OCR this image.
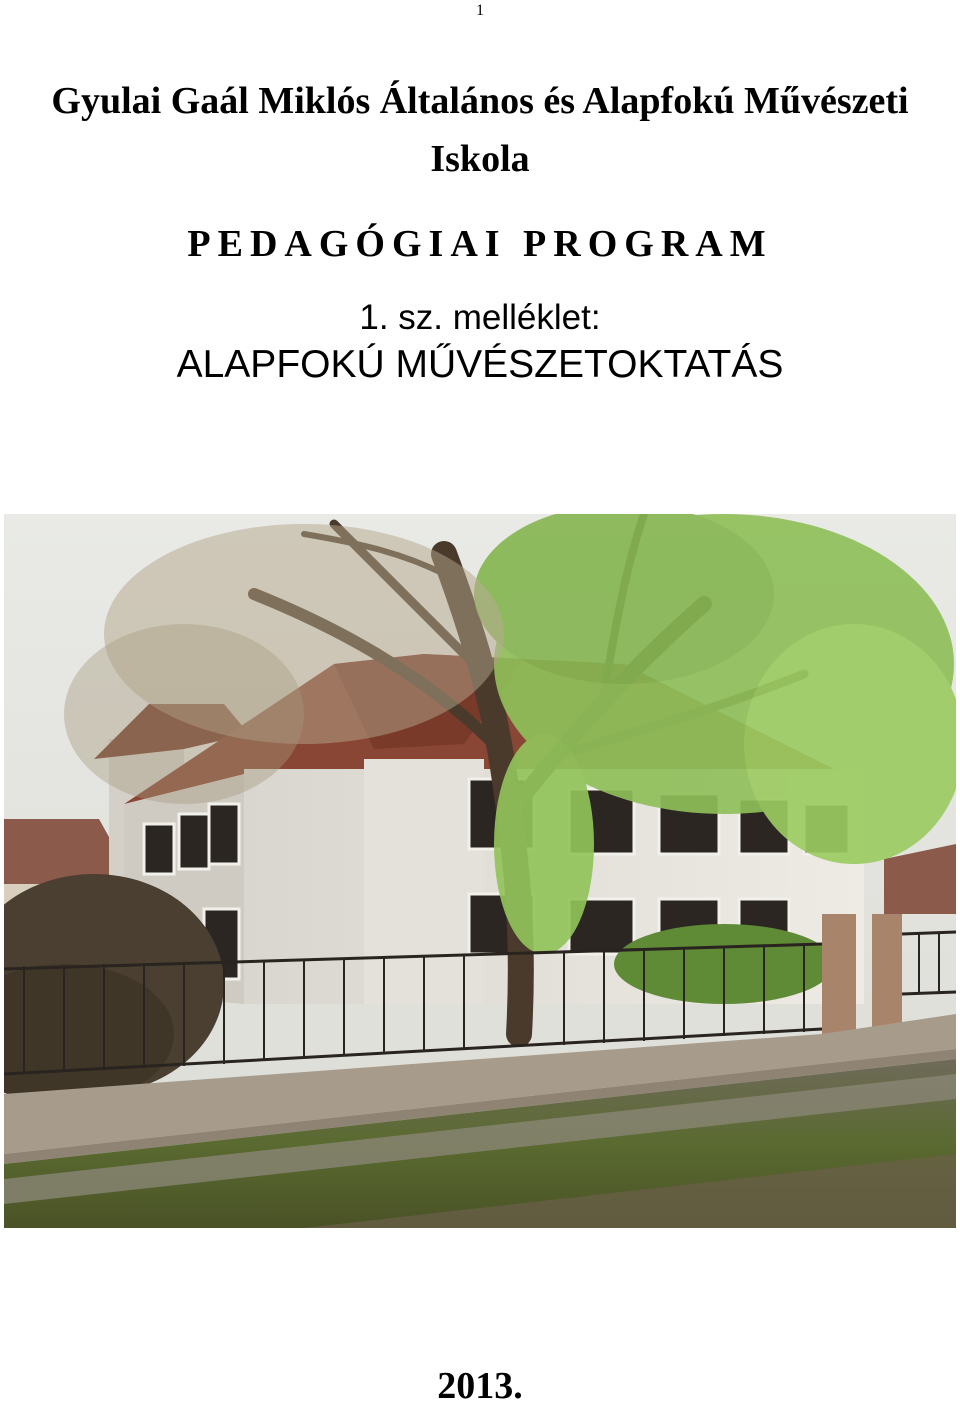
1
Gyulai Gaál Miklós Általános és Alapfokú Művészeti
Iskola
PEDAGÓGIAI PROGRAM
1. sz. melléklet:
ALAPFOKÚ MŰVÉSZETOKTATÁS
2013.
